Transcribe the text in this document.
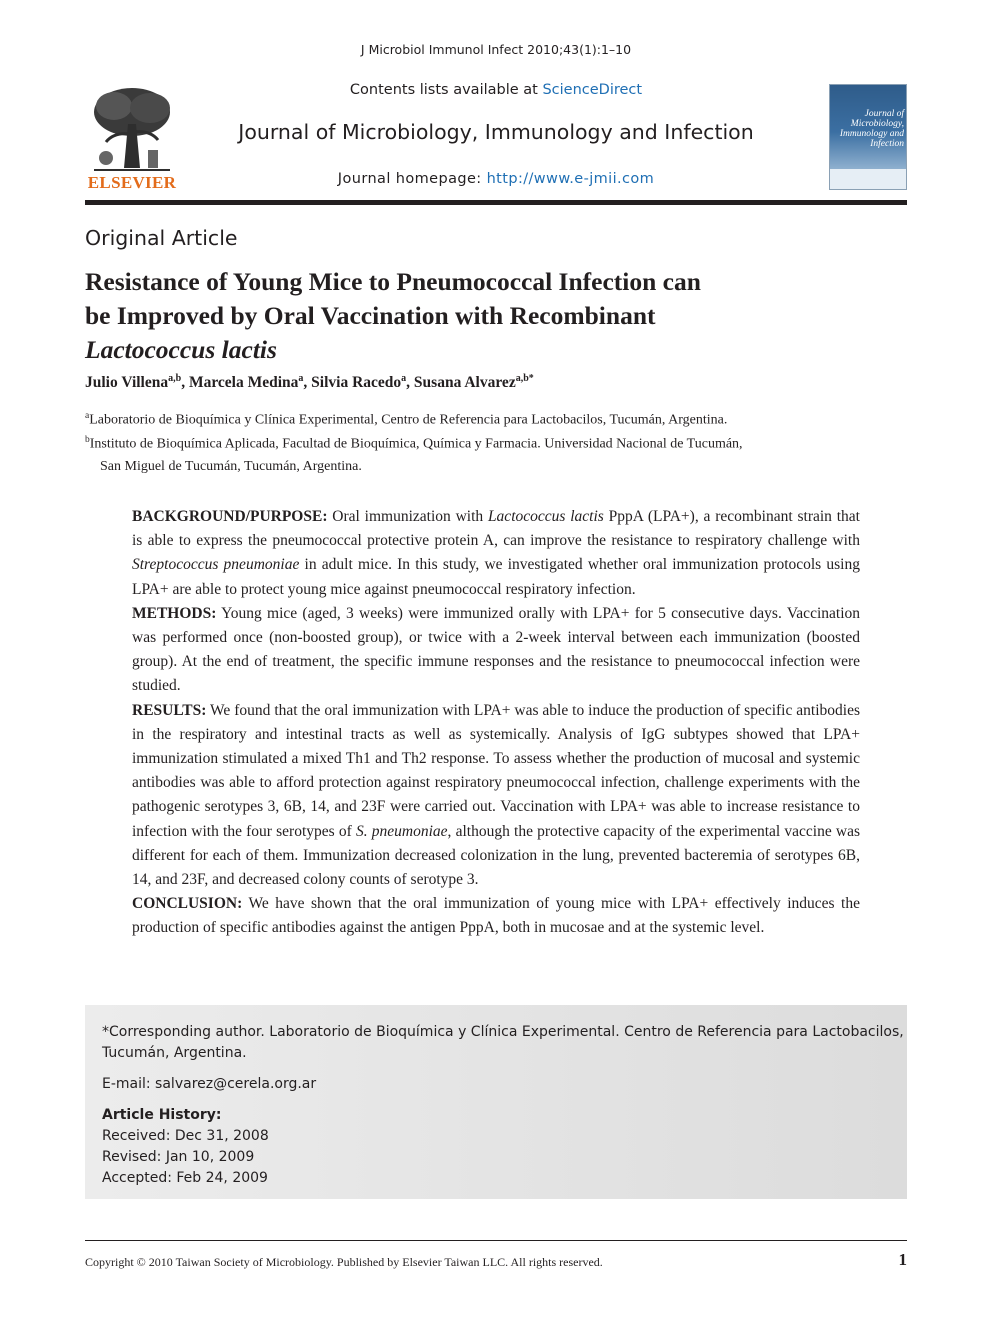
J Microbiol Immunol Infect 2010;43(1):1–10
ELSEVIER
Contents lists available at ScienceDirect
Journal of Microbiology, Immunology and Infection
Journal homepage: http://www.e-jmii.com
Journal of Microbiology, Immunology and Infection
Original Article
Resistance of Young Mice to Pneumococcal Infection can
be Improved by Oral Vaccination with Recombinant
Lactococcus lactis
Julio Villena$^{a,b}$, Marcela Medina$^a$, Silvia Racedo$^a$, Susana Alvarez$^{a,b*}$
$^a$Laboratorio de Bioquímica y Clínica Experimental, Centro de Referencia para Lactobacilos, Tucumán, Argentina.
$^b$Instituto de Bioquímica Aplicada, Facultad de Bioquímica, Química y Farmacia. Universidad Nacional de Tucumán,
San Miguel de Tucumán, Tucumán, Argentina.

BACKGROUND/PURPOSE: Oral immunization with Lactococcus lactis PppA (LPA+), a recombinant strain that is able to express the pneumococcal protective protein A, can improve the resistance to respiratory challenge with Streptococcus pneumoniae in adult mice. In this study, we investigated whether oral immunization protocols using LPA+ are able to protect young mice against pneumococcal respiratory infection.

METHODS: Young mice (aged, 3 weeks) were immunized orally with LPA+ for 5 consecutive days. Vaccination was performed once (non-boosted group), or twice with a 2-week interval between each immunization (boosted group). At the end of treatment, the specific immune responses and the resistance to pneumococcal infection were studied.

RESULTS: We found that the oral immunization with LPA+ was able to induce the production of specific antibodies in the respiratory and intestinal tracts as well as systemically. Analysis of IgG subtypes showed that LPA+ immunization stimulated a mixed Th1 and Th2 response. To assess whether the production of mucosal and systemic antibodies was able to afford protection against respiratory pneumococcal infection, challenge experiments with the pathogenic serotypes 3, 6B, 14, and 23F were carried out. Vaccination with LPA+ was able to increase resistance to infection with the four serotypes of S. pneumoniae, although the protective capacity of the experimental vaccine was different for each of them. Immunization decreased colonization in the lung, prevented bacteremia of serotypes 6B, 14, and 23F, and decreased colony counts of serotype 3.

CONCLUSION: We have shown that the oral immunization of young mice with LPA+ effectively induces the production of specific antibodies against the antigen PppA, both in mucosae and at the systemic level.

*Corresponding author. Laboratorio de Bioquímica y Clínica Experimental. Centro de Referencia para Lactobacilos,
Tucumán, Argentina.
E-mail: salvarez@cerela.org.ar
Article History:
Received: Dec 31, 2008
Revised: Jan 10, 2009
Accepted: Feb 24, 2009
Copyright © 2010 Taiwan Society of Microbiology. Published by Elsevier Taiwan LLC. All rights reserved.	1
